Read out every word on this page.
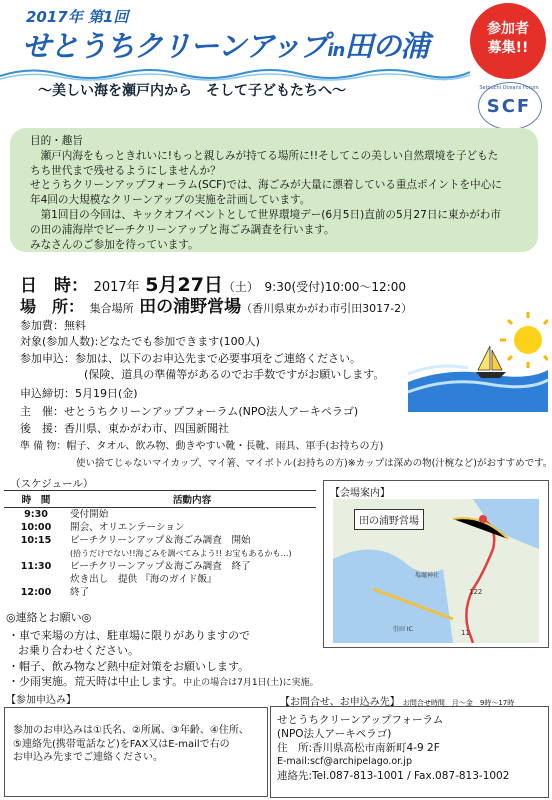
2017年 第1回
せとうちクリーンアップin田の浦
〜美しい海を瀬戸内から　そして子どもたちへ〜
参加者
募集!!
Setouchi Oceans Forum
SCF

目的・趣旨

　瀬戸内海をもっときれいに!もっと親しみが持てる場所に!!そしてこの美しい自然環境を子どもた

ちち世代まで残せるようにしませんか？

せとうちクリーンアップフォーラム(SCF)では、海ごみが大量に漂着している重点ポイントを中心に

年4回の大規模なクリーンアップの実施を計画しています。

　第1回目の今回は、キックオフイベントとして世界環境デー(6月5日)直前の5月27日に東かがわ市

の田の浦海岸でビーチクリーンアップと海ごみ調査を行います。

みなさんのご参加を待っています。

日　時： 2017年 5月27日（土） 9:30(受付)10:00〜12:00
場　所： 集合場所 田の浦野営場（香川県東かがわ市引田3017-2）
参加費：無料
対象(参加人数):どなたでも参加できます(100人)
参加申込：参加は、以下のお申込先まで必要事項をご連絡ください。
(保険、道具の準備等があるのでお手数ですがお願いします。
申込締切：5月19日(金)
主　催：せとうちクリーンアップフォーラム(NPO法人アーキペラゴ)
後　援：香川県、東かがわ市、四国新聞社
準 備 物：帽子、タオル、飲み物、動きやすい靴・長靴、雨具、軍手(お持ちの方)
使い捨てじゃないマイカップ、マイ箸、マイボトル(お持ちの方)※カップは深めの物(汁椀など)がおすすめです。
（スケジュール）
時　間	活動内容
9:30	受付開始
10:00	開会、オリエンテーション
10:15	ビーチクリーンアップ＆海ごみ調査　開始
	(拾うだけでない!!海ごみを調べてみよう!! お宝もあるかも…)
11:30	ビーチクリーンアップ＆海ごみ調査　終了
	炊き出し　提供 『海のガイド飯』
12:00	終了
◎連絡とお願い◎
・車で来場の方は、駐車場に限りがありますので
お乗り合わせください。
・帽子、飲み物など熱中症対策をお願いします。
・少雨実施。荒天時は中止します。中止の場合は7月1日(土)に実施。
【会場案内】
122
11
塩竈神社
引田 IC
田の浦野営場
【参加申込み】
参加のお申込みは①氏名、②所属、③年齢、④住所、
⑤連絡先(携帯電話など)をFAX又はE-mailで右の
お申込み先までご連絡ください。
【お問合せ、お申込み先】 お問合せ時間　月〜金　9時〜17時
せとうちクリーンアップフォーラム
(NPO法人アーキペラゴ)
住　所:香川県高松市南新町4-9 2F
E-mail:scf@archipelago.or.jp
連絡先:Tel.087-813-1001 / Fax.087-813-1002
